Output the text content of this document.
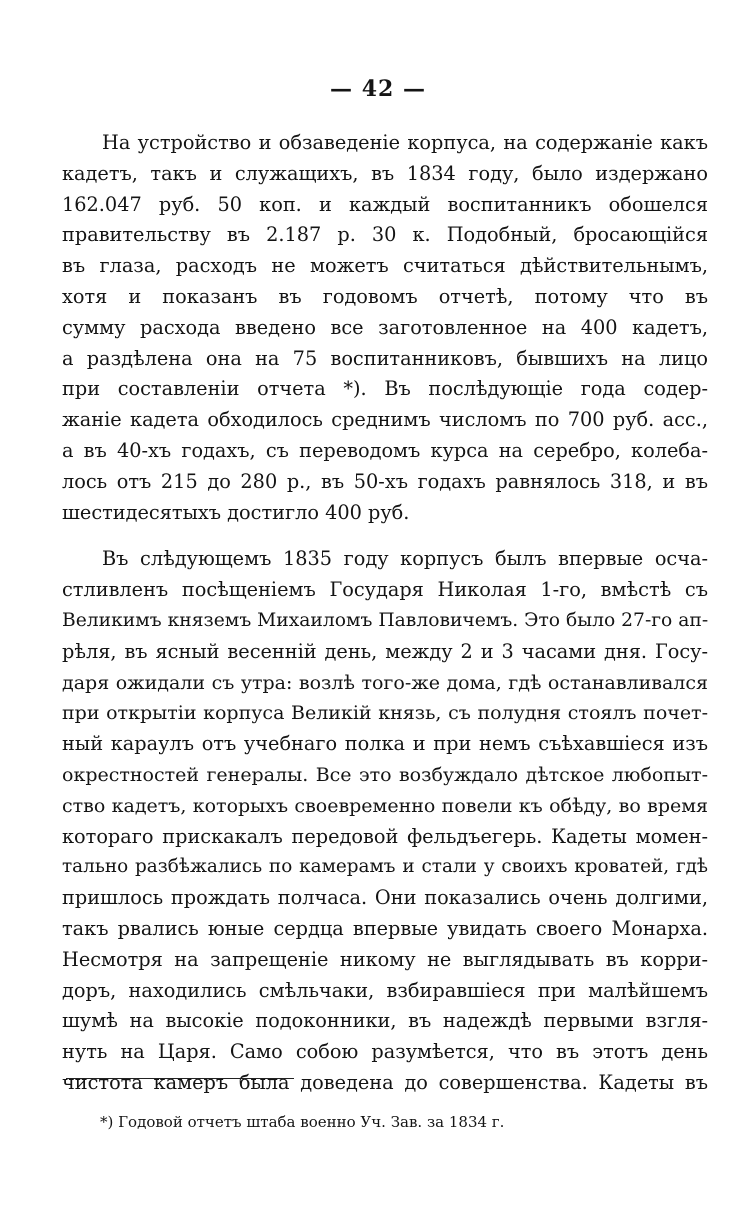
— 42 —
На устройство и обзаведенiе корпуса, на содержанiе какъ
кадетъ, такъ и служащихъ, въ 1834 году, было издержано
162.047 руб. 50 коп. и каждый воспитанникъ обошелся
правительству въ 2.187 р. 30 к. Подобный, бросающiйся
въ глаза, расходъ не можетъ считаться дѣйствительнымъ,
хотя и показанъ въ годовомъ отчетѣ, потому что въ
сумму расхода введено все заготовленное на 400 кадетъ,
а раздѣлена она на 75 воспитанниковъ, бывшихъ на лицо
при составленiи отчета *). Въ послѣдующiе года содер-
жанiе кадета обходилось среднимъ числомъ по 700 руб. асс.,
а въ 40-хъ годахъ, съ переводомъ курса на серебро, колеба-
лось отъ 215 до 280 р., въ 50-хъ годахъ равнялось 318, и въ
шестидесятыхъ достигло 400 руб.
Въ слѣдующемъ 1835 году корпусъ былъ впервые осча-
стливленъ посѣщенiемъ Государя Николая 1-го, вмѣстѣ съ
Великимъ княземъ Михаиломъ Павловичемъ. Это было 27-го ап-
рѣля, въ ясный весеннiй день, между 2 и 3 часами дня. Госу-
даря ожидали съ утра: возлѣ того-же дома, гдѣ останавливался
при открытiи корпуса Великiй князь, съ полудня стоялъ почет-
ный караулъ отъ учебнаго полка и при немъ съѣхавшiеся изъ
окрестностей генералы. Все это возбуждало дѣтское любопыт-
ство кадетъ, которыхъ своевременно повели къ обѣду, во время
котораго прискакалъ передовой фельдъегерь. Кадеты момен-
тально разбѣжались по камерамъ и стали у своихъ кроватей, гдѣ
пришлось прождать полчаса. Они показались очень долгими,
такъ рвались юные сердца впервые увидать своего Монарха.
Несмотря на запрещенiе никому не выглядывать въ корри-
доръ, находились смѣльчаки, взбиравшiеся при малѣйшемъ
шумѣ на высокiе подоконники, въ надеждѣ первыми взгля-
нуть на Царя. Само собою разумѣется, что въ этотъ день
чистота камеръ была доведена до совершенства. Кадеты въ
*) Годовой отчетъ штаба военно Уч. Зав. за 1834 г.
